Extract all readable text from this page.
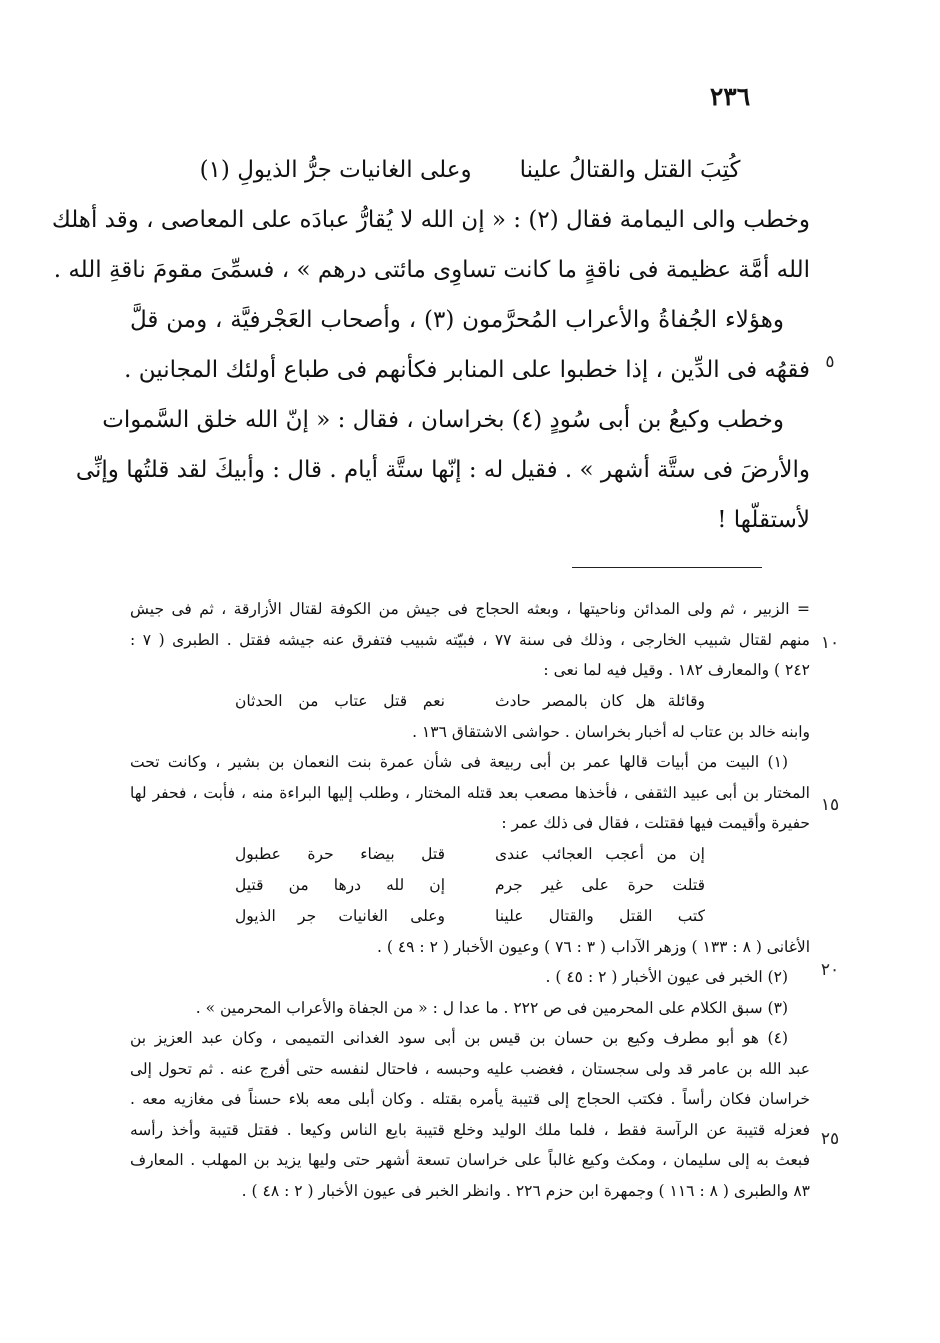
٢٣٦
كُتِبَ القتل والقتالُ علينا
وعلى الغانيات جرُّ الذيولِ (١)
وخطب والى اليمامة فقال (٢) : « إن الله لا يُقارُّ عبادَه على المعاصى ، وقد أهلك
الله أمَّة عظيمة فى ناقةٍ ما كانت تساوِى مائتى درهم » ، فسمِّىَ مقومَ ناقةِ الله .
وهؤلاء الجُفاةُ والأعراب المُحرَّمون (٣) ، وأصحاب العَجْرفيَّة ، ومن قلَّ
فقهُه فى الدِّين ، إذا خطبوا على المنابر فكأنهم فى طباع أولئك المجانين .
وخطب وكيعُ بن أبى سُودٍ (٤) بخراسان ، فقال : « إنّ الله خلق السَّموات
والأرضَ فى ستَّة أشهر » . فقيل له : إنّها ستَّة أيام . قال : وأبيكَ لقد قلتُها وإنِّى
لأستقلّها !
٥
= الزبير ، ثم ولى المدائن وناحيتها ، وبعثه الحجاج فى جيش من الكوفة لقتال الأزارقة ، ثم فى جيش
منهم لقتال شبيب الخارجى ، وذلك فى سنة ٧٧ ، فبيّته شبيب فتفرق عنه جيشه فقتل . الطبرى ( ٧ :
٢٤٢ ) والمعارف ١٨٢ . وقيل فيه لما نعى :
وقائلة هل كان بالمصر حادث
نعم قتل عتاب من الحدثان
وابنه خالد بن عتاب له أخبار بخراسان . حواشى الاشتقاق ١٣٦ .
(١) البيت من أبيات قالها عمر بن أبى ربيعة فى شأن عمرة بنت النعمان بن بشير ، وكانت تحت
المختار بن أبى عبيد الثقفى ، فأخذها مصعب بعد قتله المختار ، وطلب إليها البراءة منه ، فأبت ، فحفر لها
حفيرة وأقيمت فيها فقتلت ، فقال فى ذلك عمر :
إن من أعجب العجائب عندى
قتل بيضاء حرة عطبول
قتلت حرة على غير جرم
إن لله درها من قتيل
كتب القتل والقتال علينا
وعلى الغانيات جر الذيول
الأغانى ( ٨ : ١٣٣ ) وزهر الآداب ( ٣ : ٧٦ ) وعيون الأخبار ( ٢ : ٤٩ ) .
(٢) الخبر فى عيون الأخبار ( ٢ : ٤٥ ) .
(٣) سبق الكلام على المحرمين فى ص ٢٢٢ . ما عدا ل : « من الجفاة والأعراب المحرمين » .
(٤) هو أبو مطرف وكيع بن حسان بن قيس بن أبى سود الغدانى التميمى ، وكان عبد العزيز بن
عبد الله بن عامر قد ولى سجستان ، فغضب عليه وحبسه ، فاحتال لنفسه حتى أفرج عنه . ثم تحول إلى
خراسان فكان رأساً . فكتب الحجاج إلى قتيبة يأمره بقتله . وكان أبلى معه بلاء حسناً فى مغازيه معه .
فعزله قتيبة عن الرآسة فقط ، فلما ملك الوليد وخلع قتيبة بايع الناس وكيعا . فقتل قتيبة وأخذ رأسه
فبعث به إلى سليمان ، ومكث وكيع غالباً على خراسان تسعة أشهر حتى وليها يزيد بن المهلب . المعارف
٨٣ والطبرى ( ٨ : ١١٦ ) وجمهرة ابن حزم ٢٢٦ . وانظر الخبر فى عيون الأخبار ( ٢ : ٤٨ ) .
١٠
١٥
٢٠
٢٥
